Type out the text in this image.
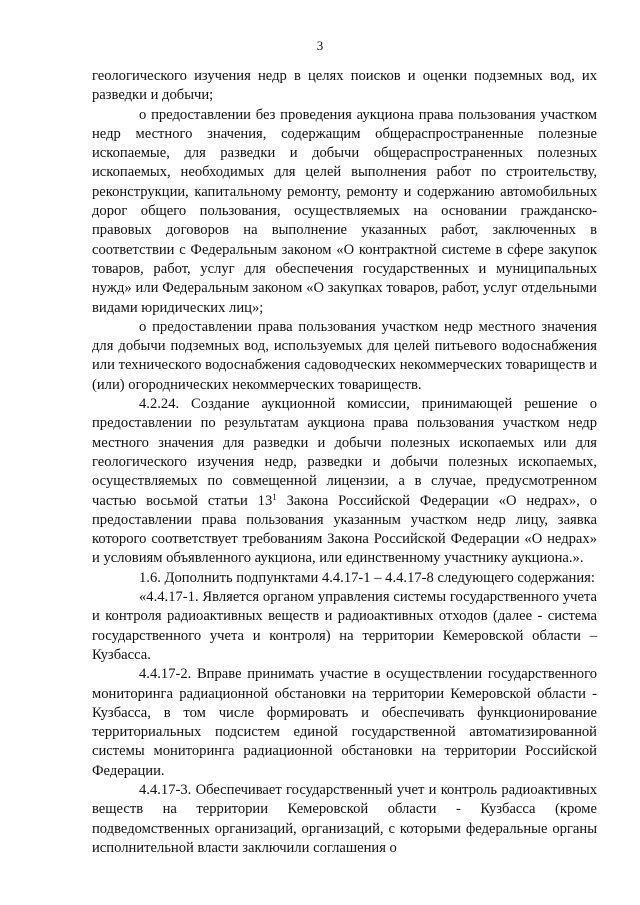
3

геологического изучения недр в целях поисков и оценки подземных вод, их разведки и добычи;

о предоставлении без проведения аукциона права пользования участком недр местного значения, содержащим общераспространенные полезные ископаемые, для разведки и добычи общераспространенных полезных ископаемых, необходимых для целей выполнения работ по строительству, реконструкции, капитальному ремонту, ремонту и содержанию автомобильных дорог общего пользования, осуществляемых на основании гражданско-правовых договоров на выполнение указанных работ, заключенных в соответствии с Федеральным законом «О контрактной системе в сфере закупок товаров, работ, услуг для обеспечения государственных и муниципальных нужд» или Федеральным законом «О закупках товаров, работ, услуг отдельными видами юридических лиц»;

о предоставлении права пользования участком недр местного значения для добычи подземных вод, используемых для целей питьевого водоснабжения или технического водоснабжения садоводческих некоммерческих товариществ и (или) огороднических некоммерческих товариществ.

4.2.24. Создание аукционной комиссии, принимающей решение о предоставлении по результатам аукциона права пользования участком недр местного значения для разведки и добычи полезных ископаемых или для геологического изучения недр, разведки и добычи полезных ископаемых, осуществляемых по совмещенной лицензии, а в случае, предусмотренном частью восьмой статьи $13^1$ Закона Российской Федерации «О недрах», о предоставлении права пользования указанным участком недр лицу, заявка которого соответствует требованиям Закона Российской Федерации «О недрах» и условиям объявленного аукциона, или единственному участнику аукциона.».

1.6. Дополнить подпунктами 4.4.17-1 – 4.4.17-8 следующего содержания:

«4.4.17-1. Является органом управления системы государственного учета и контроля радиоактивных веществ и радиоактивных отходов (далее - система государственного учета и контроля) на территории Кемеровской области – Кузбасса.

4.4.17-2. Вправе принимать участие в осуществлении государственного мониторинга радиационной обстановки на территории Кемеровской области - Кузбасса, в том числе формировать и обеспечивать функционирование территориальных подсистем единой государственной автоматизированной системы мониторинга радиационной обстановки на территории Российской Федерации.

4.4.17-3. Обеспечивает государственный учет и контроль радиоактивных веществ на территории Кемеровской области - Кузбасса (кроме подведомственных организаций, организаций, с которыми федеральные органы исполнительной власти заключили соглашения о
